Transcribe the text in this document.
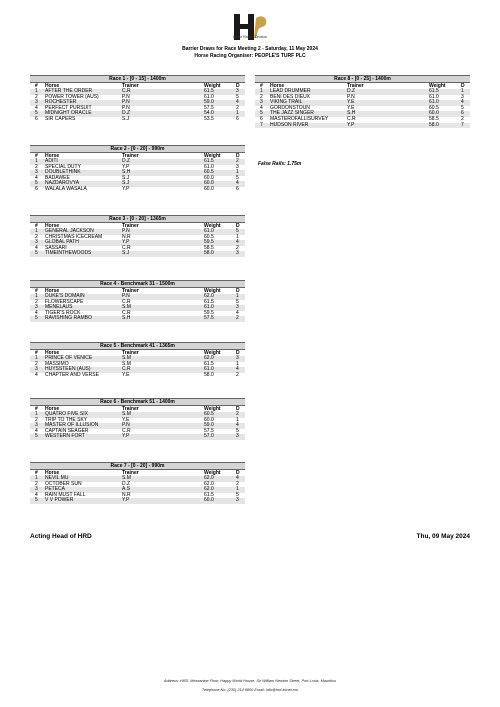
Horse Racing Division
Barrier Draws for Race Meeting 2 - Saturday, 11 May 2024
Horse Racing Organiser: PEOPLE'S TURF PLC
Race 1 - [0 - 15] - 1400m
# Horse	Trainer	Weight	D
1 AFTER THE ORDER	C.R	61.5	3
2 POWER TOWER (AUS)	P.N	61.0	5
3 ROCHESTER	P.N	59.0	4
4 PERFECT PURSUIT	P.N	57.5	2
5 MIDNIGHT ORACLE	D.Z	54.0	1
6 SIR CAPERS	S.J	53.5	6
Race 8 - [0 - 25] - 1400m
# Horse	Trainer	Weight	D
1 LEAD DRUMMER	D.Z	61.5	1
2 BENI DES DIEUX	P.N	61.0	3
3 VIKING TRAIL	Y.E	61.0	4
4 GORDONSTOUN	Y.E	60.5	5
5 THE JAZZ SINGER	S.H	60.0	6
6 MASTEROFALLISURVEY	C.R	58.5	2
7 HUDSON RIVER	Y.P	58.0	7
Race 2 - [0 - 20] - 990m
# Horse	Trainer	Weight	D
1 ADITI	D.Z	61.5	2
2 SPECIAL DUTY	Y.P	61.0	3
3 DOUBLETHINK	S.H	60.5	1
4 BADAWEE	S.J	60.0	5
5 NAZDAROVYA	S.J	60.0	4
6 WALALA WASALA	Y.P	60.0	6
Race 3 - [0 - 20] - 1365m
# Horse	Trainer	Weight	D
1 GENERAL JACKSON	P.N	61.0	5
2 CHRISTMAS ICECREAM	N.R	60.5	1
3 GLOBAL PATH	Y.P	59.5	4
4 SASSARI	C.R	58.5	2
5 TIMEINTHEWOODS	S.J	58.0	3
Race 4 - Benchmark 31 - 1500m
# Horse	Trainer	Weight	D
1 DUKE'S DOMAIN	P.N	62.0	1
2 FLOWERSCAPE	C.R	61.5	5
3 MENELAUS	S.M	61.0	3
4 TIGER'S ROCK	C.R	59.5	4
5 RAVISHING RAMBO	S.H	57.5	2
Race 5 - Benchmark 41 - 1365m
# Horse	Trainer	Weight	D
1 PRINCE OF VENICE	S.M	62.0	3
2 MASSIMO	S.M	61.5	1
3 HUYSSTEEN (AUS)	C.R	61.0	4
4 CHAPTER AND VERSE	Y.E	58.0	2
Race 6 - Benchmark 51 - 1400m
# Horse	Trainer	Weight	D
1 QUATRO FIVE SIX	S.M	60.5	2
2 TRIP TO THE SKY	Y.E	60.0	1
3 MASTER OF ILLUSION	P.N	59.0	4
4 CAPTAIN SEAGER	C.R	57.5	5
5 WESTERN FORT	Y.P	57.0	3
Race 7 - [0 - 20] - 990m
# Horse	Trainer	Weight	D
1 NEVIL MU	S.M	62.0	4
2 OCTOBER SUN	D.Z	62.0	2
3 PETECA	A.S	62.0	1
4 RAIN MUST FALL	N.R	61.5	5
5 V V POWER	Y.P	60.0	3
False Rails: 1.75m
Acting Head of HRD	Thu, 09 May 2024
Address: HRD, Mezzanine Floor, Happy World House, Sir William Newton Street, Port Louis, Mauritius
Telephone No: (230) 214 9800 Email: info@hrd.intnet.mu
